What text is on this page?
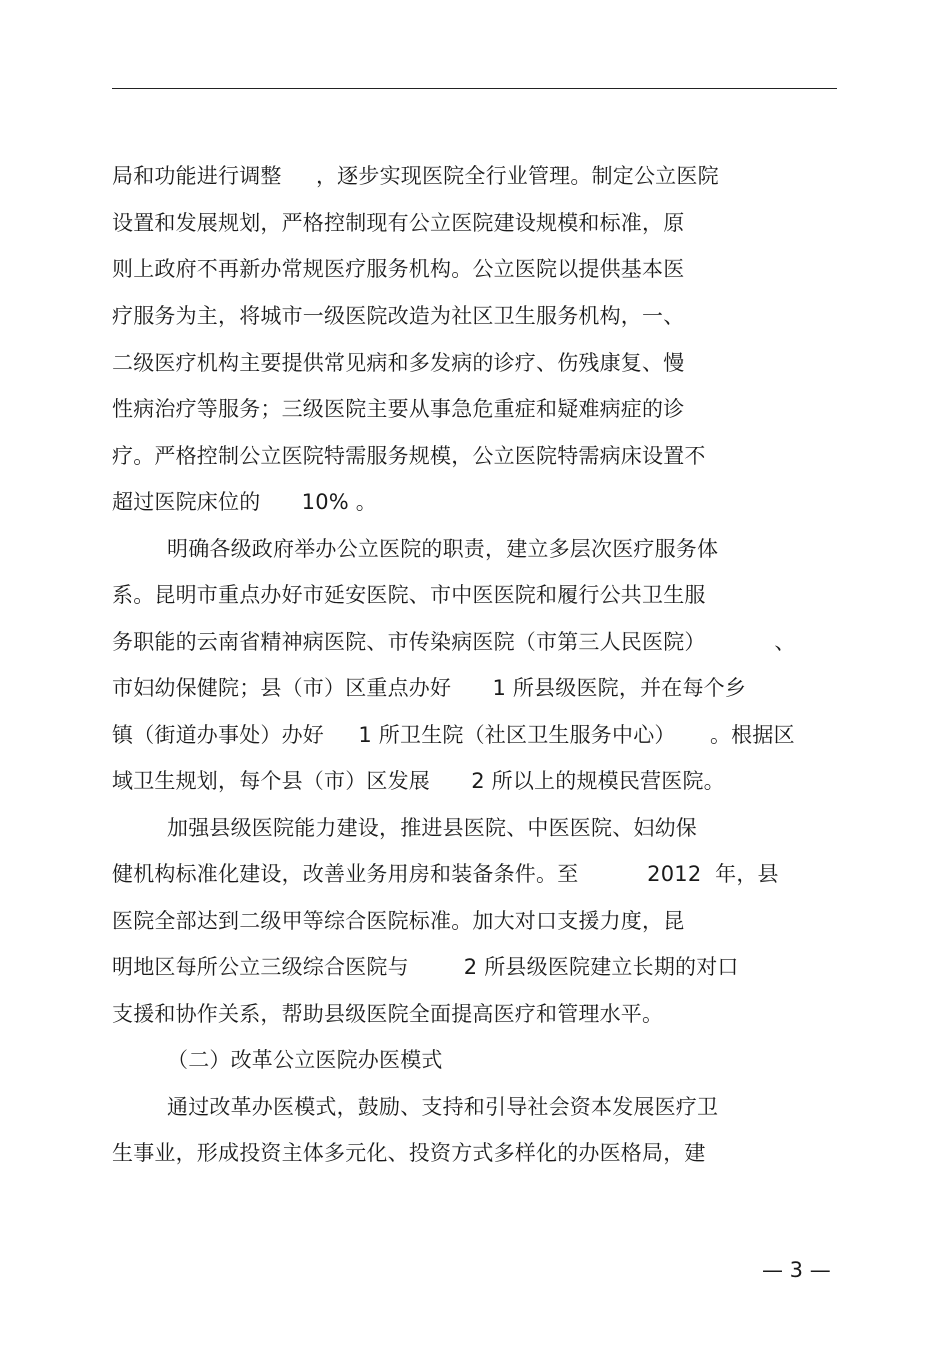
局和功能进行调整     ，逐步实现医院全行业管理。制定公立医院
设置和发展规划，严格控制现有公立医院建设规模和标准，原
则上政府不再新办常规医疗服务机构。公立医院以提供基本医
疗服务为主，将城市一级医院改造为社区卫生服务机构，一、
二级医疗机构主要提供常见病和多发病的诊疗、伤残康复、慢
性病治疗等服务；三级医院主要从事急危重症和疑难病症的诊
疗。严格控制公立医院特需服务规模，公立医院特需病床设置不
超过医院床位的      10% 。
明确各级政府举办公立医院的职责，建立多层次医疗服务体
系。昆明市重点办好市延安医院、市中医医院和履行公共卫生服
务职能的云南省精神病医院、市传染病医院（市第三人民医院）          、
市妇幼保健院；县（市）区重点办好      1 所县级医院，并在每个乡
镇（街道办事处）办好     1 所卫生院（社区卫生服务中心）     。根据区
域卫生规划，每个县（市）区发展      2 所以上的规模民营医院。
加强县级医院能力建设，推进县医院、中医医院、妇幼保
健机构标准化建设，改善业务用房和装备条件。至          2012  年，县
医院全部达到二级甲等综合医院标准。加大对口支援力度，昆
明地区每所公立三级综合医院与        2 所县级医院建立长期的对口
支援和协作关系，帮助县级医院全面提高医疗和管理水平。
（二）改革公立医院办医模式
通过改革办医模式，鼓励、支持和引导社会资本发展医疗卫
生事业，形成投资主体多元化、投资方式多样化的办医格局，建
— 3 —
